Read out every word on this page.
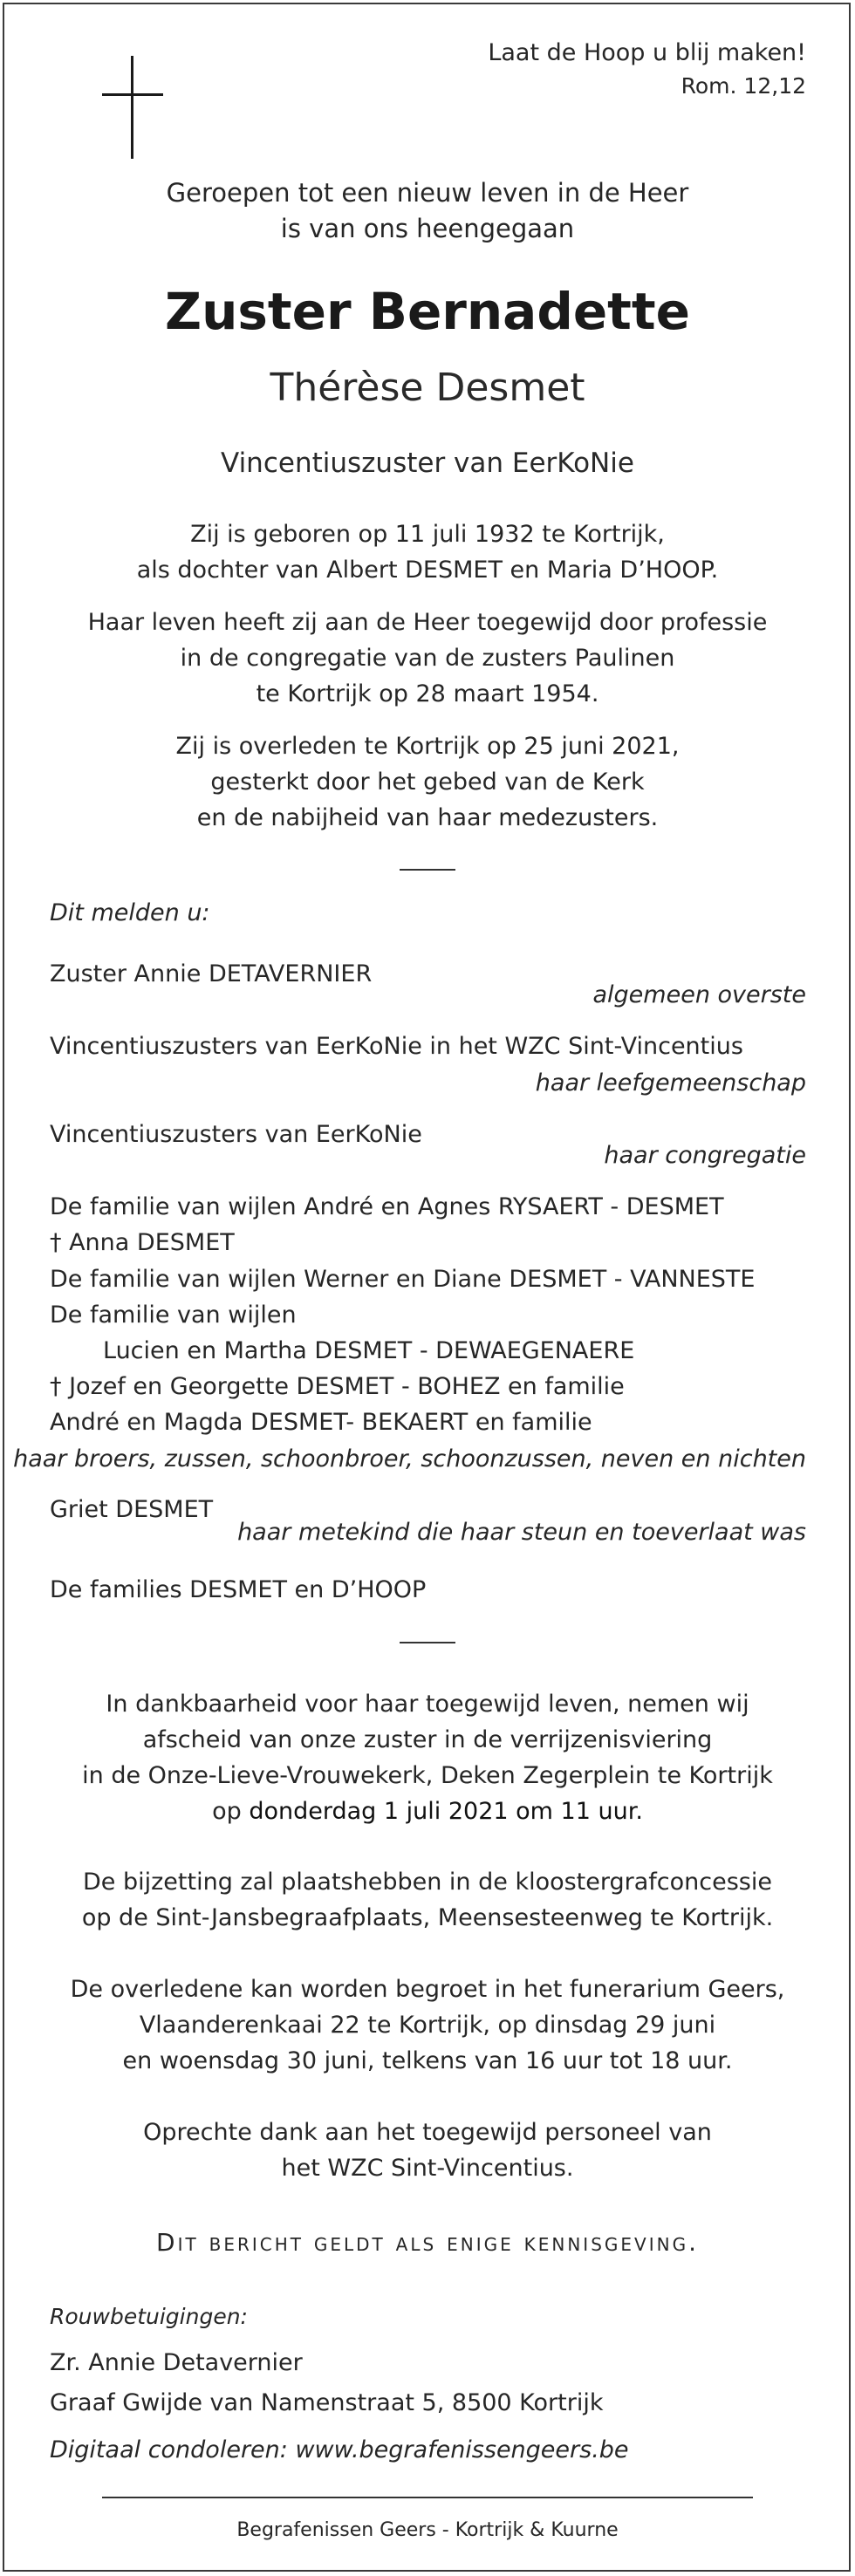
Laat de Hoop u blij maken!

Rom. 12,12

Geroepen tot een nieuw leven in de Heer

is van ons heengegaan

Zuster Bernadette

Thérèse Desmet

Vincentiuszuster van EerKoNie

Zij is geboren op 11 juli 1932 te Kortrijk,

als dochter van Albert DESMET en Maria D’HOOP.

Haar leven heeft zij aan de Heer toegewijd door professie

in de congregatie van de zusters Paulinen

te Kortrijk op 28 maart 1954.

Zij is overleden te Kortrijk op 25 juni 2021,

gesterkt door het gebed van de Kerk

en de nabijheid van haar medezusters.

Dit melden u:

Zuster Annie DETAVERNIER

algemeen overste

Vincentiuszusters van EerKoNie in het WZC Sint-Vincentius

haar leefgemeenschap

Vincentiuszusters van EerKoNie

haar congregatie

De familie van wijlen André en Agnes RYSAERT - DESMET

† Anna DESMET

De familie van wijlen Werner en Diane DESMET - VANNESTE

De familie van wijlen

Lucien en Martha DESMET - DEWAEGENAERE

† Jozef en Georgette DESMET - BOHEZ en familie

André en Magda DESMET- BEKAERT en familie

haar broers, zussen, schoonbroer, schoonzussen, neven en nichten

Griet DESMET

haar metekind die haar steun en toeverlaat was

De families DESMET en D’HOOP

In dankbaarheid voor haar toegewijd leven, nemen wij

afscheid van onze zuster in de verrijzenisviering

in de Onze-Lieve-Vrouwekerk, Deken Zegerplein te Kortrijk

op donderdag 1 juli 2021 om 11 uur.

De bijzetting zal plaatshebben in de kloostergrafconcessie

op de Sint-Jansbegraafplaats, Meensesteenweg te Kortrijk.

De overledene kan worden begroet in het funerarium Geers,

Vlaanderenkaai 22 te Kortrijk, op dinsdag 29 juni

en woensdag 30 juni, telkens van 16 uur tot 18 uur.

Oprechte dank aan het toegewijd personeel van

het WZC Sint-Vincentius.

Dit bericht geldt als enige kennisgeving.

Rouwbetuigingen:

Zr. Annie Detavernier

Graaf Gwijde van Namenstraat 5, 8500 Kortrijk

Digitaal condoleren: www.begrafenissengeers.be

Begrafenissen Geers - Kortrijk & Kuurne
